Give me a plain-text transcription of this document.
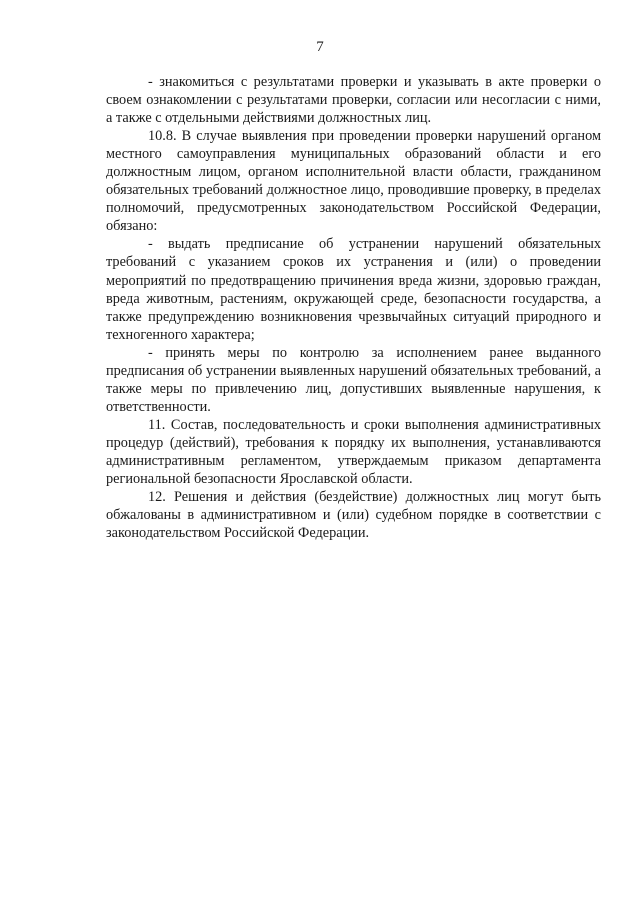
7

- знакомиться с результатами проверки и указывать в акте проверки о своем ознакомлении с результатами проверки, согласии или несогласии с ними, а также с отдельными действиями должностных лиц.

10.8. В случае выявления при проведении проверки нарушений органом местного самоуправления муниципальных образований области и его должностным лицом, органом исполнительной власти области, гражданином обязательных требований должностное лицо, проводившие проверку, в пределах полномочий, предусмотренных законодательством Российской Федерации, обязано:

- выдать предписание об устранении нарушений обязательных требований с указанием сроков их устранения и (или) о проведении мероприятий по предотвращению причинения вреда жизни, здоровью граждан, вреда животным, растениям, окружающей среде, безопасности государства, а также предупреждению возникновения чрезвычайных ситуаций природного и техногенного характера;

- принять меры по контролю за исполнением ранее выданного предписания об устранении выявленных нарушений обязательных требований, а также меры по привлечению лиц, допустивших выявленные нарушения, к ответственности.

11. Состав, последовательность и сроки выполнения административных процедур (действий), требования к порядку их выполнения, устанавливаются административным регламентом, утверждаемым приказом департамента региональной безопасности Ярославской области.

12. Решения и действия (бездействие) должностных лиц могут быть обжалованы в административном и (или) судебном порядке в соответствии с законодательством Российской Федерации.
